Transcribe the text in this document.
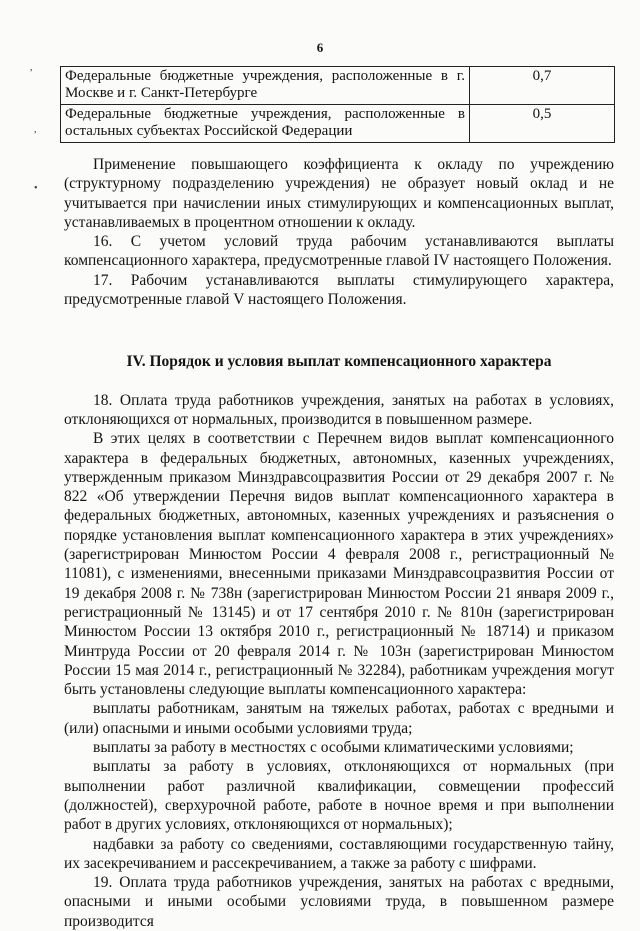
,
,
•
6
Федеральные бюджетные учреждения, расположенные в г. Москве и г. Санкт-Петербурге	0,7
Федеральные бюджетные учреждения, расположенные в остальных субъектах Российской Федерации	0,5

Применение повышающего коэффициента к окладу по учреждению (структурному подразделению учреждения) не образует новый оклад и не учитывается при начислении иных стимулирующих и компенсационных выплат, устанавливаемых в процентном отношении к окладу.

16. С учетом условий труда рабочим устанавливаются выплаты компенсационного характера, предусмотренные главой IV настоящего Положения.

17. Рабочим устанавливаются выплаты стимулирующего характера, предусмотренные главой V настоящего Положения.

IV. Порядок и условия выплат компенсационного характера

18. Оплата труда работников учреждения, занятых на работах в условиях, отклоняющихся от нормальных, производится в повышенном размере.

В этих целях в соответствии с Перечнем видов выплат компенсационного характера в федеральных бюджетных, автономных, казенных учреждениях, утвержденным приказом Минздравсоцразвития России от 29 декабря 2007 г. № 822 «Об утверждении Перечня видов выплат компенсационного характера в федеральных бюджетных, автономных, казенных учреждениях и разъяснения о порядке установления выплат компенсационного характера в этих учреждениях» (зарегистрирован Минюстом России 4 февраля 2008 г., регистрационный № 11081), с изменениями, внесенными приказами Минздравсоцразвития России от 19 декабря 2008 г. № 738н (зарегистрирован Минюстом России 21 января 2009 г., регистрационный № 13145) и от 17 сентября 2010 г. № 810н (зарегистрирован Минюстом России 13 октября 2010 г., регистрационный № 18714) и приказом Минтруда России от 20 февраля 2014 г. № 103н (зарегистрирован Минюстом России 15 мая 2014 г., регистрационный № 32284), работникам учреждения могут быть установлены следующие выплаты компенсационного характера:

выплаты работникам, занятым на тяжелых работах, работах с вредными и (или) опасными и иными особыми условиями труда;

выплаты за работу в местностях с особыми климатическими условиями;

выплаты за работу в условиях, отклоняющихся от нормальных (при выполнении работ различной квалификации, совмещении профессий (должностей), сверхурочной работе, работе в ночное время и при выполнении работ в других условиях, отклоняющихся от нормальных);

надбавки за работу со сведениями, составляющими государственную тайну, их засекречиванием и рассекречиванием, а также за работу с шифрами.

19. Оплата труда работников учреждения, занятых на работах с вредными, опасными и иными особыми условиями труда, в повышенном размере производится
